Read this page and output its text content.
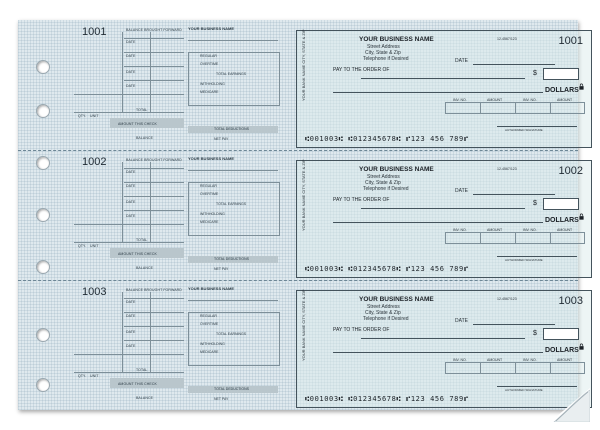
1001	BALANCE BROUGHT FORWARD
DATE
DATE
DATE
DATE
TOTAL
QTY. UNIT
AMOUNT THIS CHECK
BALANCE
YOUR BUSINESS NAME
REGULAR
OVERTIME
TOTAL EARNINGS
WITHHOLDING
MEDICARE
TOTAL DEDUCTIONS
NET PAY
YOUR BANK NAME CITY, STATE & ZIP	YOUR BUSINESS NAME
Street Address
City, State & Zip
Telephone if Desired
12-4567/123	1001
DATE
PAY TO THE ORDER OF	$
DOLLARS
INV. NO.	AMOUNT	INV. NO.	AMOUNT
AUTHORIZED SIGNATURE
⑆001003⑆ ⑆012345678⑆ ⑈123 456 789⑈
1002	BALANCE BROUGHT FORWARD
DATE
DATE
DATE
DATE
TOTAL
QTY. UNIT
AMOUNT THIS CHECK
BALANCE
YOUR BUSINESS NAME
REGULAR
OVERTIME
TOTAL EARNINGS
WITHHOLDING
MEDICARE
TOTAL DEDUCTIONS
NET PAY
YOUR BANK NAME CITY, STATE & ZIP	YOUR BUSINESS NAME
Street Address
City, State & Zip
Telephone if Desired
12-4567/123	1002
DATE
PAY TO THE ORDER OF	$
DOLLARS
INV. NO.	AMOUNT	INV. NO.	AMOUNT
AUTHORIZED SIGNATURE
⑆001003⑆ ⑆012345678⑆ ⑈123 456 789⑈
1003	BALANCE BROUGHT FORWARD
DATE
DATE
DATE
DATE
TOTAL
QTY. UNIT
AMOUNT THIS CHECK
BALANCE
YOUR BUSINESS NAME
REGULAR
OVERTIME
TOTAL EARNINGS
WITHHOLDING
MEDICARE
TOTAL DEDUCTIONS
NET PAY
YOUR BANK NAME CITY, STATE & ZIP	YOUR BUSINESS NAME
Street Address
City, State & Zip
Telephone if Desired
12-4567/123	1003
DATE
PAY TO THE ORDER OF	$
DOLLARS
INV. NO.	AMOUNT	INV. NO.	AMOUNT
AUTHORIZED SIGNATURE
⑆001003⑆ ⑆012345678⑆ ⑈123 456 789⑈
